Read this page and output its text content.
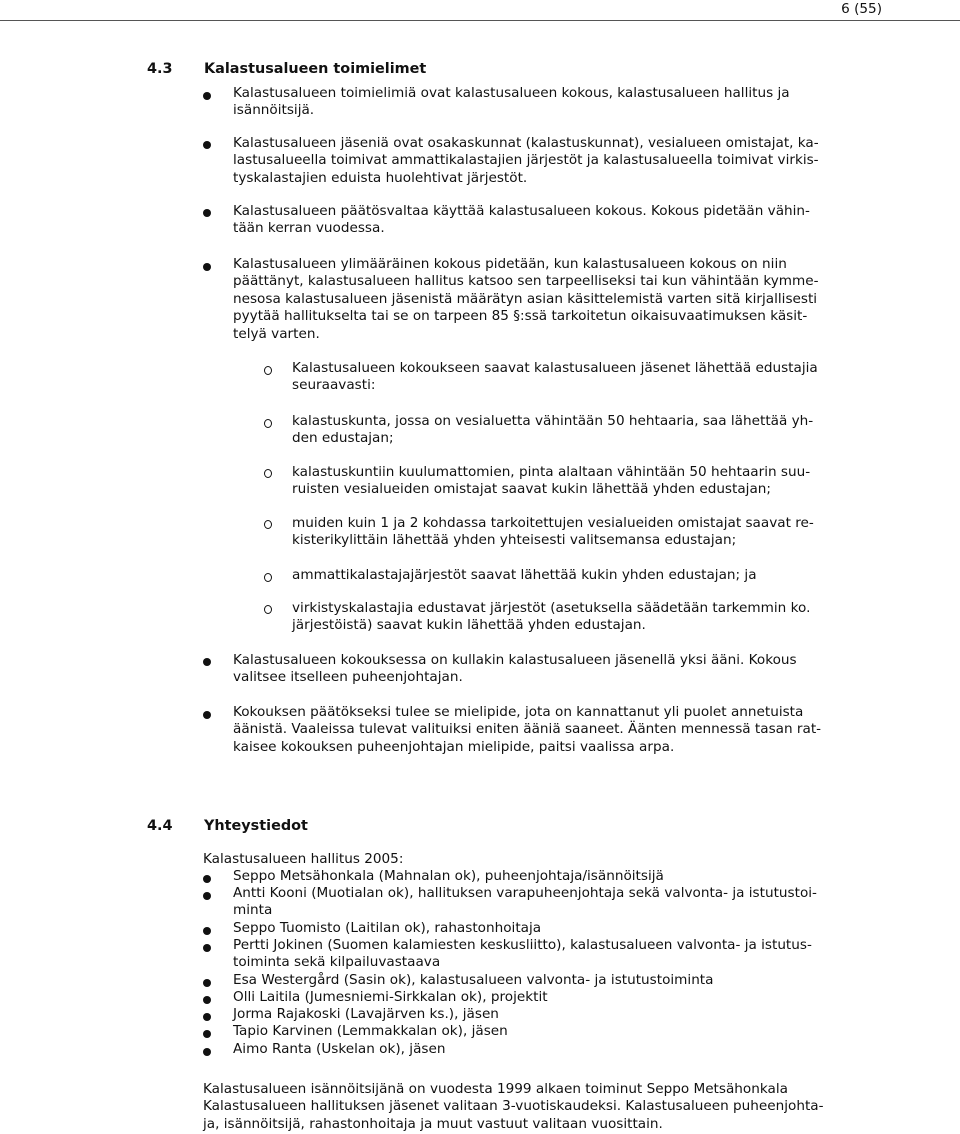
6 (55)
4.3 Kalastusalueen toimielimet
Kalastusalueen toimielimiä ovat kalastusalueen kokous, kalastusalueen hallitus ja
isännöitsijä.
Kalastusalueen jäseniä ovat osakaskunnat (kalastuskunnat), vesialueen omistajat, ka-
lastusalueella toimivat ammattikalastajien järjestöt ja kalastusalueella toimivat virkis-
tyskalastajien eduista huolehtivat järjestöt.
Kalastusalueen päätösvaltaa käyttää kalastusalueen kokous. Kokous pidetään vähin-
tään kerran vuodessa.
Kalastusalueen ylimääräinen kokous pidetään, kun kalastusalueen kokous on niin
päättänyt, kalastusalueen hallitus katsoo sen tarpeelliseksi tai kun vähintään kymme-
nesosa kalastusalueen jäsenistä määrätyn asian käsittelemistä varten sitä kirjallisesti
pyytää hallitukselta tai se on tarpeen 85 §:ssä tarkoitetun oikaisuvaatimuksen käsit-
telyä varten.
Kalastusalueen kokoukseen saavat kalastusalueen jäsenet lähettää edustajia
seuraavasti:
kalastuskunta, jossa on vesialuetta vähintään 50 hehtaaria, saa lähettää yh-
den edustajan;
kalastuskuntiin kuulumattomien, pinta alaltaan vähintään 50 hehtaarin suu-
ruisten vesialueiden omistajat saavat kukin lähettää yhden edustajan;
muiden kuin 1 ja 2 kohdassa tarkoitettujen vesialueiden omistajat saavat re-
kisterikylittäin lähettää yhden yhteisesti valitsemansa edustajan;
ammattikalastajajärjestöt saavat lähettää kukin yhden edustajan; ja
virkistyskalastajia edustavat järjestöt (asetuksella säädetään tarkemmin ko.
järjestöistä) saavat kukin lähettää yhden edustajan.
Kalastusalueen kokouksessa on kullakin kalastusalueen jäsenellä yksi ääni. Kokous
valitsee itselleen puheenjohtajan.
Kokouksen päätökseksi tulee se mielipide, jota on kannattanut yli puolet annetuista
äänistä. Vaaleissa tulevat valituiksi eniten ääniä saaneet. Äänten mennessä tasan rat-
kaisee kokouksen puheenjohtajan mielipide, paitsi vaalissa arpa.
4.4 Yhteystiedot
Kalastusalueen hallitus 2005:
Seppo Metsähonkala (Mahnalan ok), puheenjohtaja/isännöitsijä
Antti Kooni (Muotialan ok), hallituksen varapuheenjohtaja sekä valvonta- ja istutustoi-
minta
Seppo Tuomisto (Laitilan ok), rahastonhoitaja
Pertti Jokinen (Suomen kalamiesten keskusliitto), kalastusalueen valvonta- ja istutus-
toiminta sekä kilpailuvastaava
Esa Westergård (Sasin ok), kalastusalueen valvonta- ja istutustoiminta
Olli Laitila (Jumesniemi-Sirkkalan ok), projektit
Jorma Rajakoski (Lavajärven ks.), jäsen
Tapio Karvinen (Lemmakkalan ok), jäsen
Aimo Ranta (Uskelan ok), jäsen
Kalastusalueen isännöitsijänä on vuodesta 1999 alkaen toiminut Seppo Metsähonkala
Kalastusalueen hallituksen jäsenet valitaan 3-vuotiskaudeksi. Kalastusalueen puheenjohta-
ja, isännöitsijä, rahastonhoitaja ja muut vastuut valitaan vuosittain.
